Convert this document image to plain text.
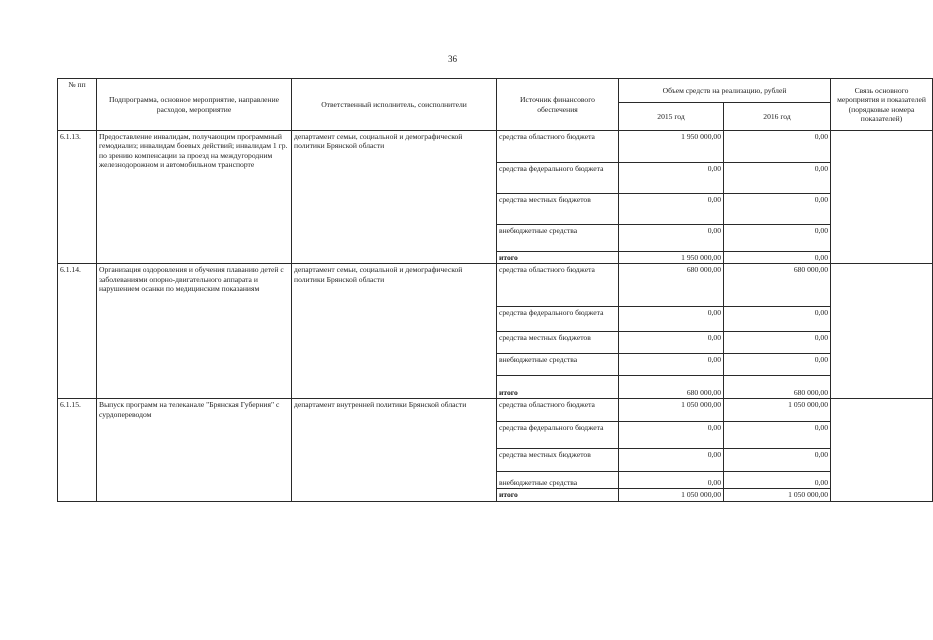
36
№ пп	Подпрограмма, основное мероприятие, направление расходов, мероприятие	Ответственный исполнитель, соисполнители	Источник финансового обеспечения	Объем средств на реализацию, рублей		Связь основного мероприятия и показателей (порядковые номера показателей)
				2015 год	2016 год	
6.1.13.	Предоставление инвалидам, получающим программный гемодиализ; инвалидам боевых действий; инвалидам 1 гр. по зрению компенсации за проезд на междугородним железнодорожном и автомобильном транспорте	департамент семьи, социальной и демографической политики Брянской области	средства областного бюджета	1 950 000,00	0,00	
			средства федерального бюджета	0,00	0,00	
			средства местных бюджетов	0,00	0,00	
			внебюджетные средства	0,00	0,00	
			итого	1 950 000,00	0,00	
6.1.14.	Организация оздоровления и обучения плаванию детей с заболеваниями опорно-двигательного аппарата и нарушением осанки по медицинским показаниям	департамент семьи, социальной и демографической политики Брянской области	средства областного бюджета	680 000,00	680 000,00	
			средства федерального бюджета	0,00	0,00	
			средства местных бюджетов	0,00	0,00	
			внебюджетные средства	0,00	0,00	
			итого	680 000,00	680 000,00	
6.1.15.	Выпуск программ на телеканале "Брянская Губерния" с сурдопереводом	департамент внутренней политики Брянской области	средства областного бюджета	1 050 000,00	1 050 000,00	
			средства федерального бюджета	0,00	0,00	
			средства местных бюджетов	0,00	0,00	
			внебюджетные средства	0,00	0,00	
			итого	1 050 000,00	1 050 000,00	
